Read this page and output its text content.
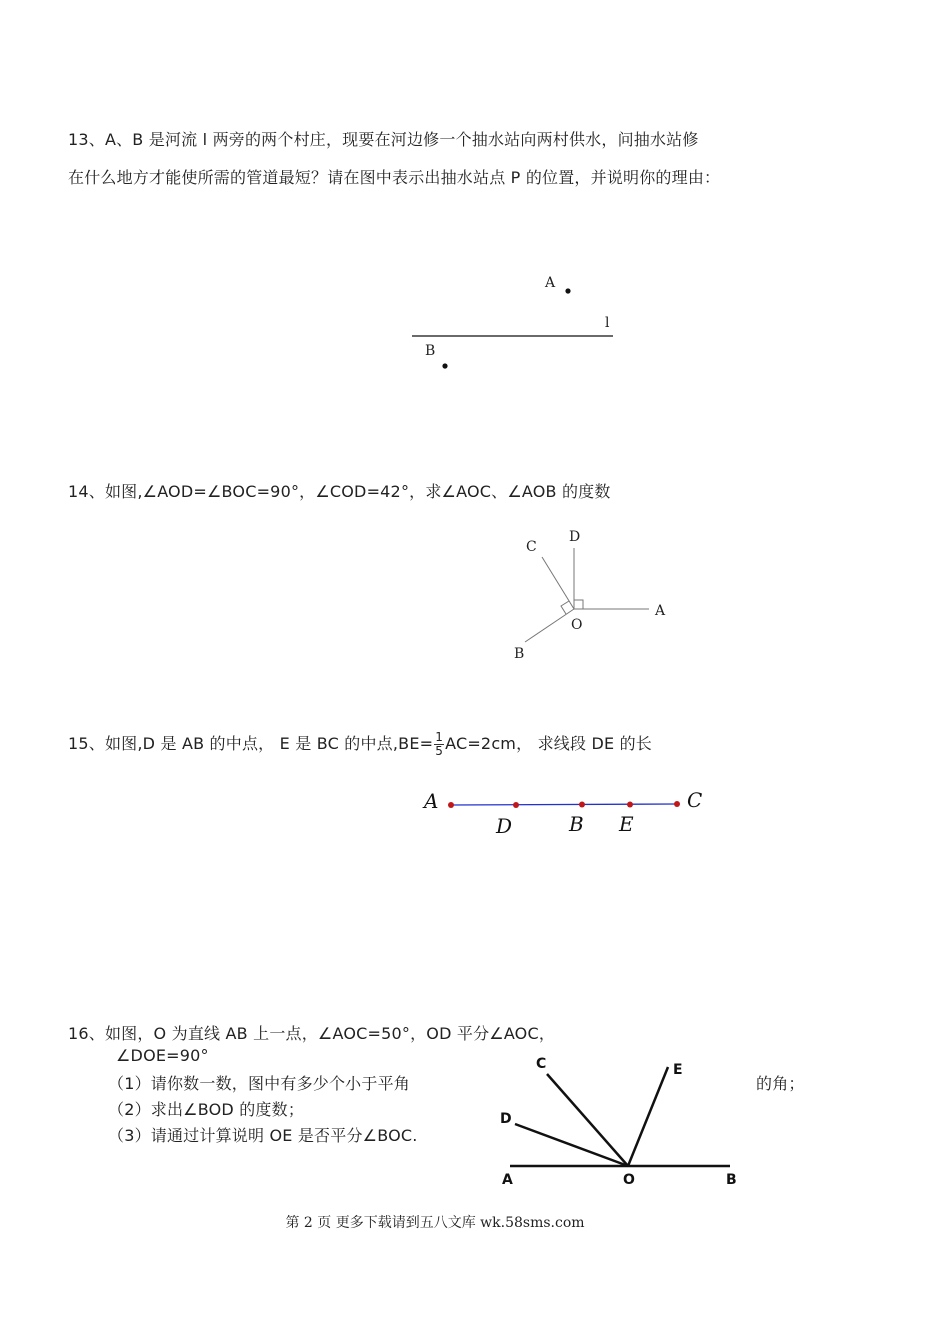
13、A、B 是河流 l 两旁的两个村庄，现要在河边修一个抽水站向两村供水，问抽水站修
在什么地方才能使所需的管道最短？请在图中表示出抽水站点 P 的位置，并说明你的理由：
A
l
B
14、如图,∠AOD=∠BOC=90°，∠COD=42°，求∠AOC、∠AOB 的度数
C
D
A
O
B
15、如图,D 是 AB 的中点， E 是 BC 的中点$,BE= \frac{1}{5} AC=2cm$， 求线段 DE 的长
A
D	B E
C
16、如图，O 为直线 AB 上一点，∠AOC=50°，OD 平分∠AOC，
∠DOE=90°
（1）请你数一数，图中有多少个小于平角	的角；
（2）求出∠BOD 的度数；
（3）请通过计算说明 OE 是否平分∠BOC.
C	E
D
A	O	B
第 2 页 更多下载请到五八文库 wk.58sms.com
